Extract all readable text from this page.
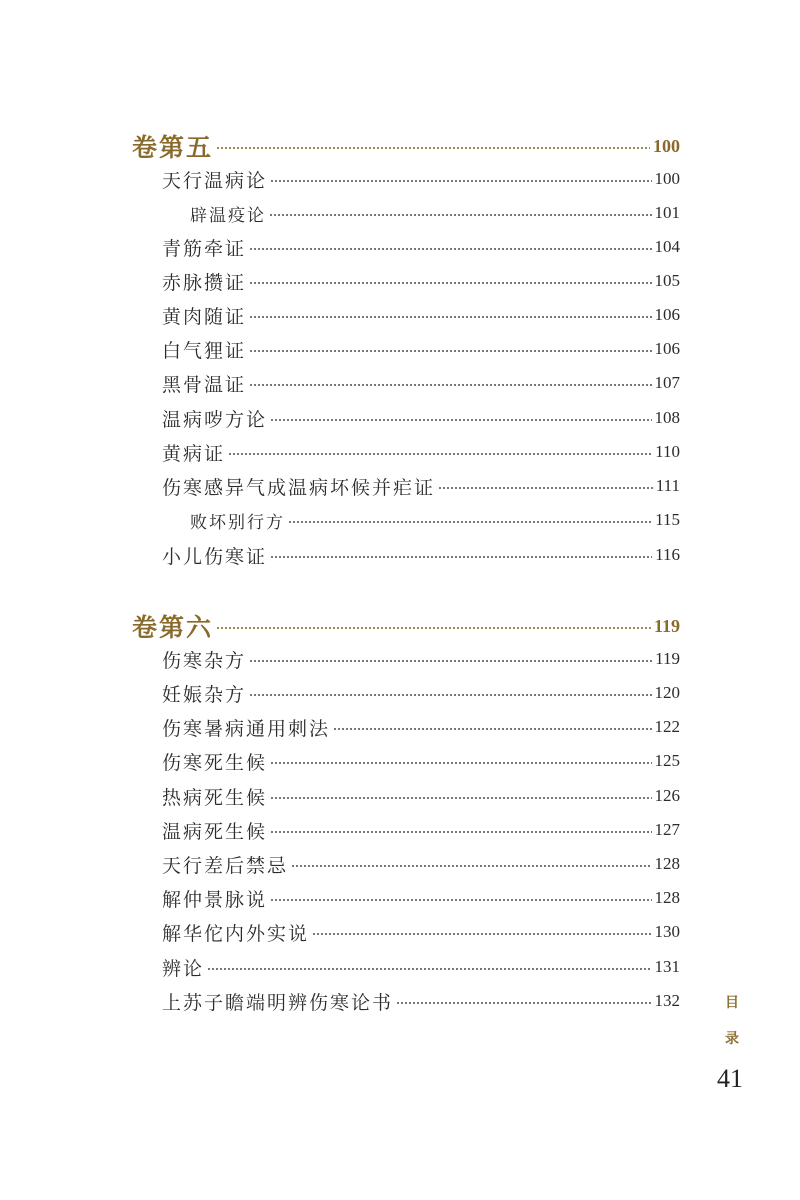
卷第五	100
天行温病论	100
辟温疫论	101
青筋牵证	104
赤脉攒证	105
黄肉随证	106
白气狸证	106
黑骨温证	107
温病哕方论	108
黄病证	110
伤寒感异气成温病坏候并疟证	111
败坏别行方	115
小儿伤寒证	116
卷第六	119
伤寒杂方	119
妊娠杂方	120
伤寒暑病通用刺法	122
伤寒死生候	125
热病死生候	126
温病死生候	127
天行差后禁忌	128
解仲景脉说	128
解华佗内外实说	130
辨论	131
上苏子瞻端明辨伤寒论书	132	目
录
41
